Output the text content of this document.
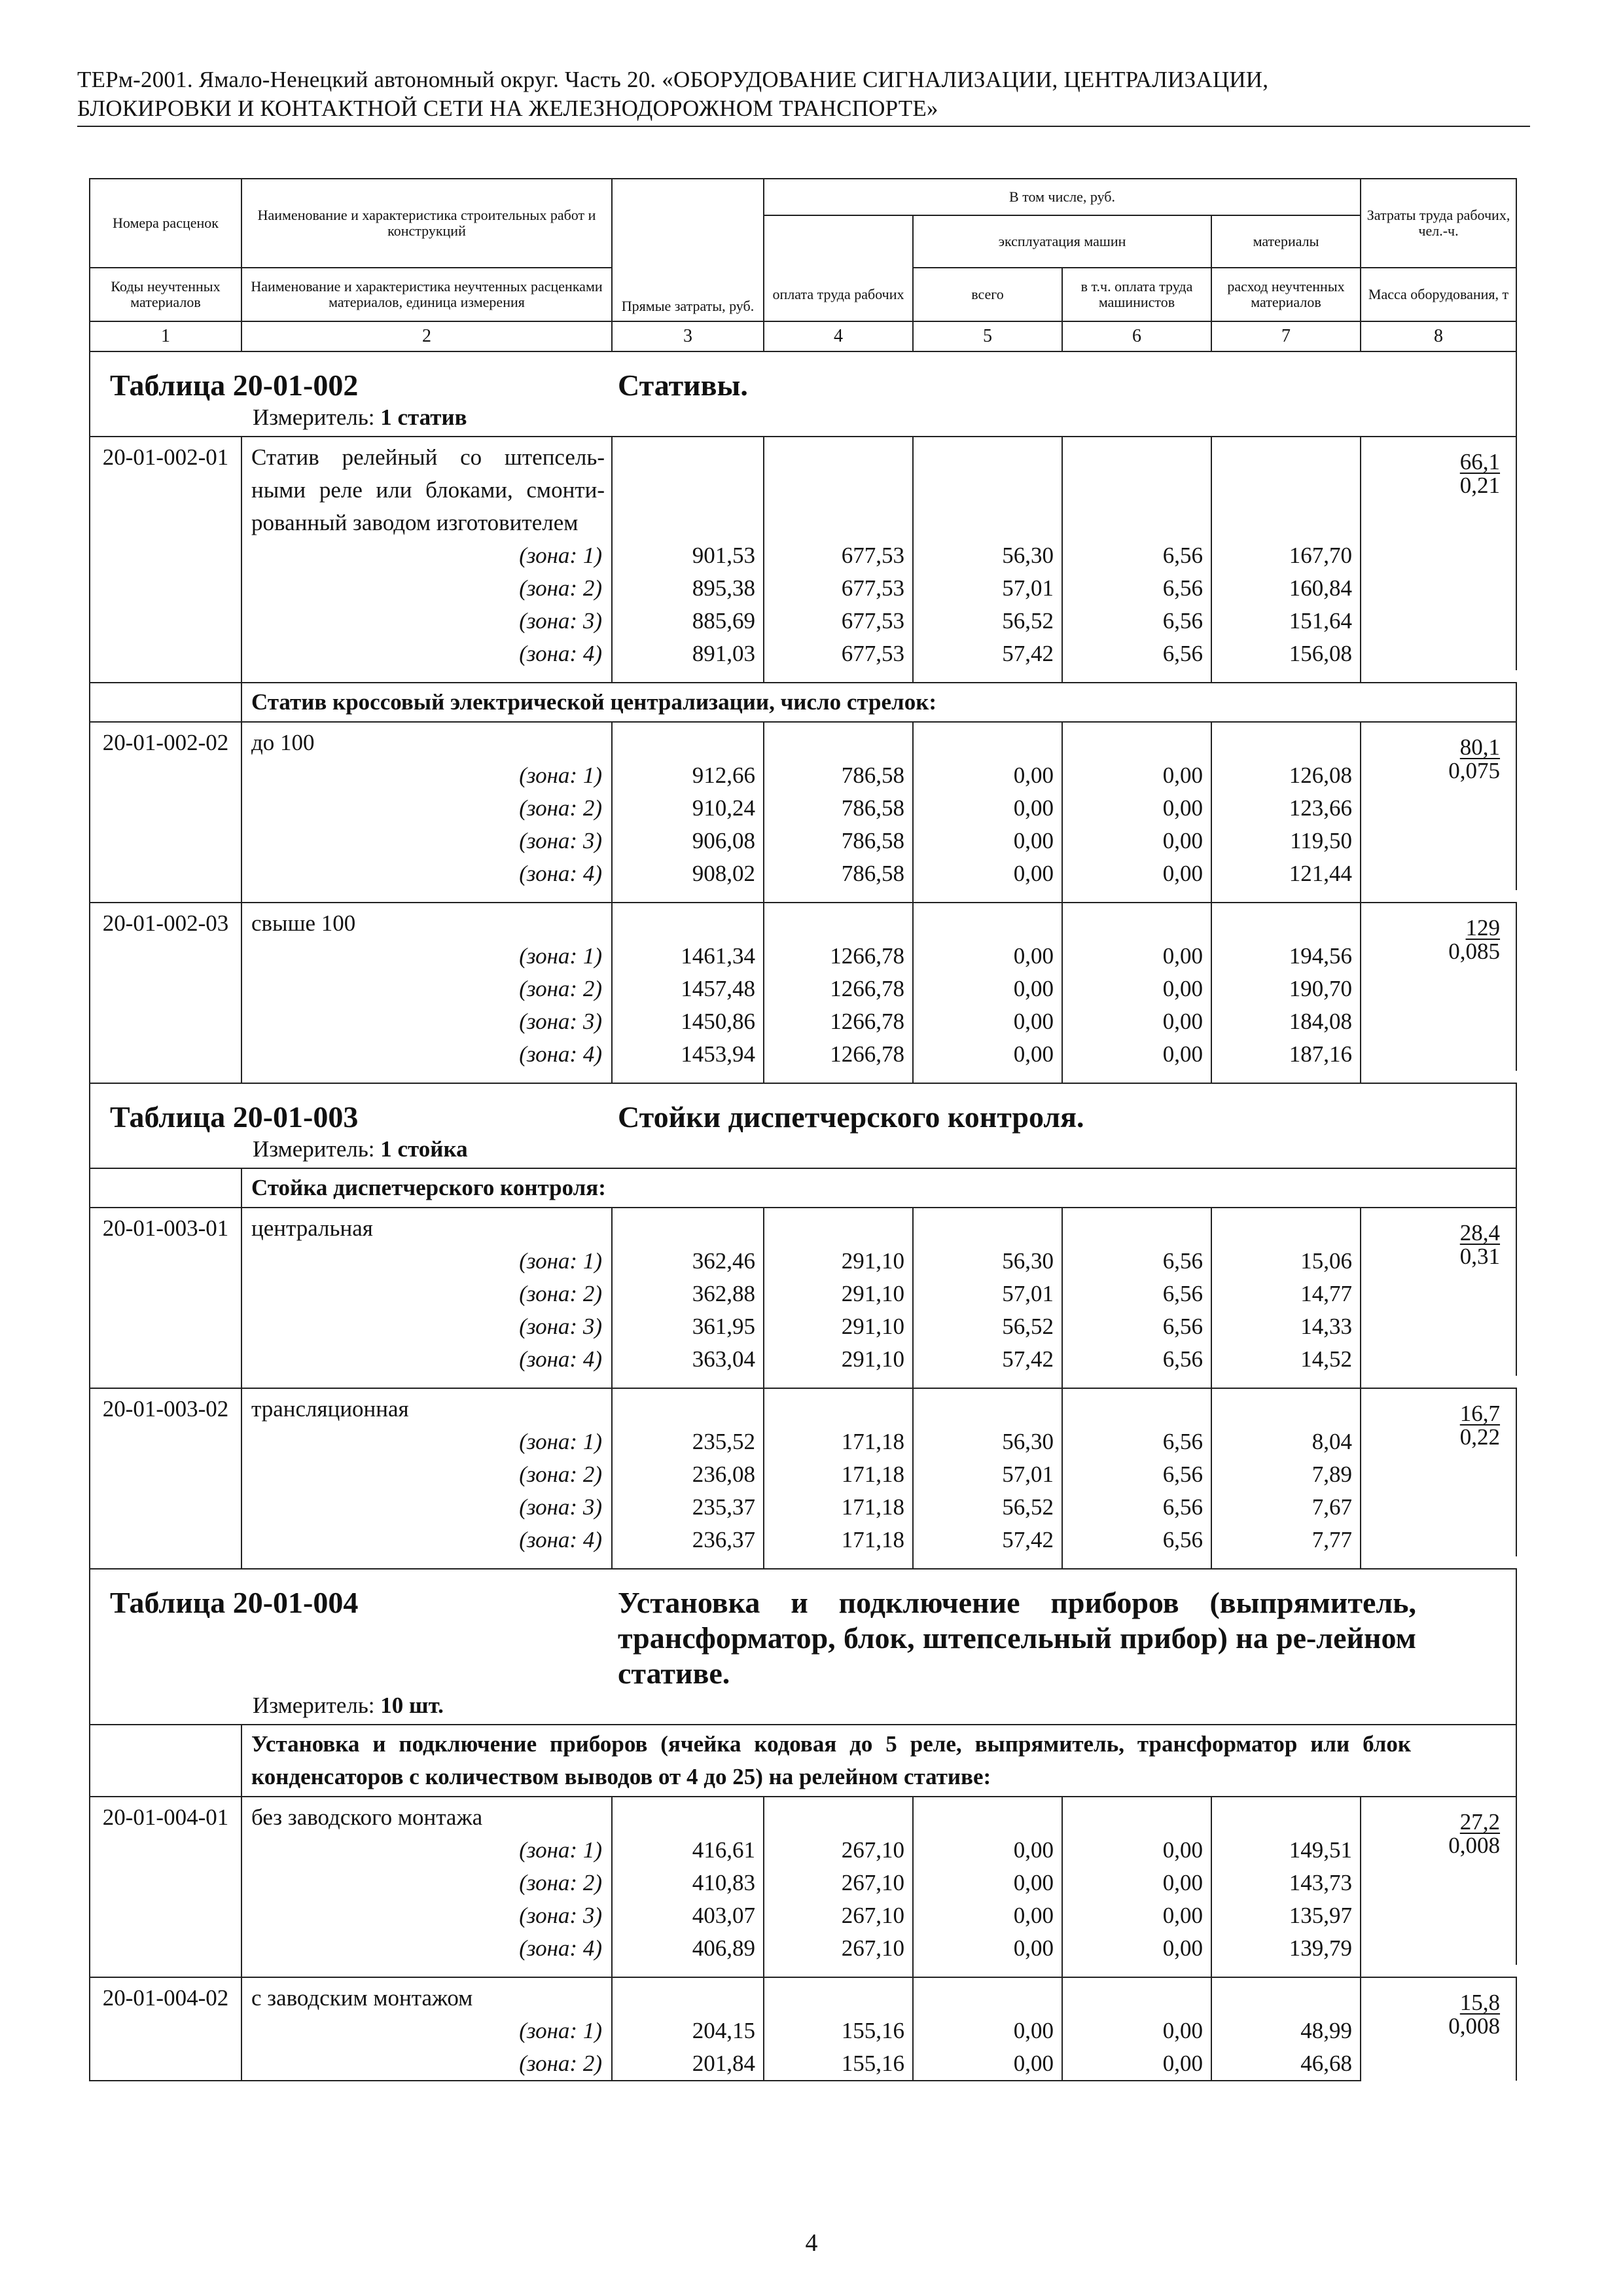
ТЕРм-2001. Ямало-Ненецкий автономный округ. Часть 20. «ОБОРУДОВАНИЕ СИГНАЛИЗАЦИИ, ЦЕНТРАЛИЗАЦИИ,
БЛОКИРОВКИ И КОНТАКТНОЙ СЕТИ НА ЖЕЛЕЗНОДОРОЖНОМ ТРАНСПОРТЕ»
Номера расценок	Наименование и характеристика строительных работ и конструкций	Прямые затраты, руб.	В том числе, руб.				Затраты труда рабочих, чел.-ч.
				эксплуатация машин		материалы	
Коды неучтенных материалов	Наименование и характеристика неучтенных расценками материалов, единица измерения		оплата труда рабочих	всего	в т.ч. оплата труда машинистов	расход неучтенных материалов	Масса оборудования, т
1	2	3	4	5	6	7	8

Таблица 20-01-002 Стативы.
Измеритель: 1 статив							

20-01-002-01	Статив релейный со штепсель-ными реле или блоками, смонти-рованный заводом изготовителем						$\frac{66,1}{0,21}$

	(зона: 1)	901,53	677,53	56,30	6,56	167,70	
	(зона: 2)	895,38	677,53	57,01	6,56	160,84	
	(зона: 3)	885,69	677,53	56,52	6,56	151,64	
	(зона: 4)	891,03	677,53	57,42	6,56	156,08	

	Статив кроссовый электрической централизации, число стрелок:						
20-01-002-02	до 100						$\frac{80,1}{0,075}$

	(зона: 1)	912,66	786,58	0,00	0,00	126,08	
	(зона: 2)	910,24	786,58	0,00	0,00	123,66	
	(зона: 3)	906,08	786,58	0,00	0,00	119,50	
	(зона: 4)	908,02	786,58	0,00	0,00	121,44	

20-01-002-03	свыше 100						$\frac{129}{0,085}$

	(зона: 1)	1461,34	1266,78	0,00	0,00	194,56	
	(зона: 2)	1457,48	1266,78	0,00	0,00	190,70	
	(зона: 3)	1450,86	1266,78	0,00	0,00	184,08	
	(зона: 4)	1453,94	1266,78	0,00	0,00	187,16	

Таблица 20-01-003 Стойки диспетчерского контроля.
Измеритель: 1 стойка							

	Стойка диспетчерского контроля:						
20-01-003-01	центральная						$\frac{28,4}{0,31}$

	(зона: 1)	362,46	291,10	56,30	6,56	15,06	
	(зона: 2)	362,88	291,10	57,01	6,56	14,77	
	(зона: 3)	361,95	291,10	56,52	6,56	14,33	
	(зона: 4)	363,04	291,10	57,42	6,56	14,52	

20-01-003-02	трансляционная						$\frac{16,7}{0,22}$

	(зона: 1)	235,52	171,18	56,30	6,56	8,04	
	(зона: 2)	236,08	171,18	57,01	6,56	7,89	
	(зона: 3)	235,37	171,18	56,52	6,56	7,67	
	(зона: 4)	236,37	171,18	57,42	6,56	7,77	

Таблица 20-01-004 Установка и подключение приборов (выпрямитель, трансформатор, блок, штепсельный прибор) на ре-лейном стативе.
Измеритель: 10 шт.							

	Установка и подключение приборов (ячейка кодовая до 5 реле, выпрямитель, трансформатор или блок конденсаторов с количеством выводов от 4 до 25) на релейном стативе:						
20-01-004-01	без заводского монтажа						$\frac{27,2}{0,008}$

	(зона: 1)	416,61	267,10	0,00	0,00	149,51	
	(зона: 2)	410,83	267,10	0,00	0,00	143,73	
	(зона: 3)	403,07	267,10	0,00	0,00	135,97	
	(зона: 4)	406,89	267,10	0,00	0,00	139,79	

20-01-004-02	с заводским монтажом						$\frac{15,8}{0,008}$

	(зона: 1)	204,15	155,16	0,00	0,00	48,99	
	(зона: 2)	201,84	155,16	0,00	0,00	46,68	
4
